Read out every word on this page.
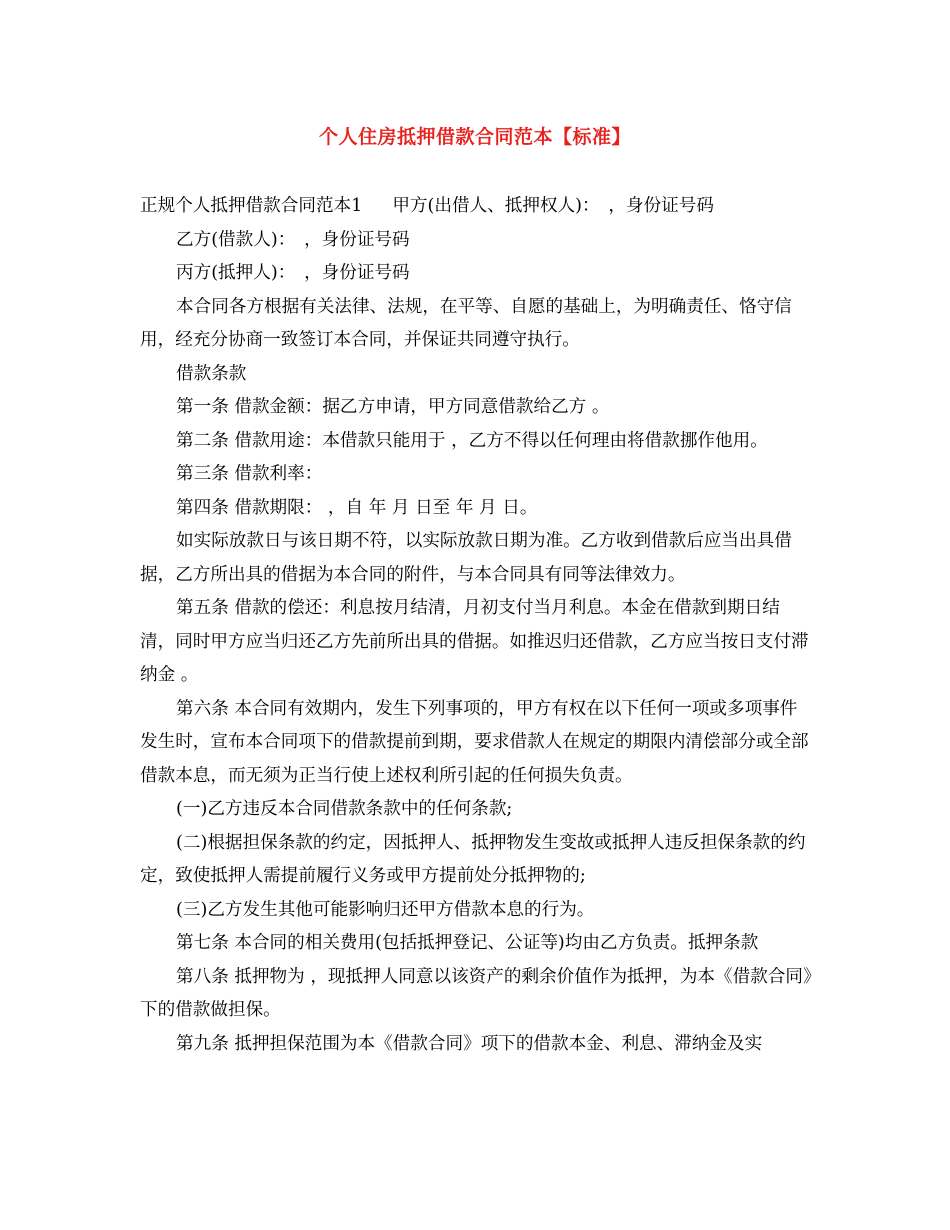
个人住房抵押借款合同范本【标准】

正规个人抵押借款合同范本1 甲方(出借人、抵押权人)：　，身份证号码

乙方(借款人)：　，身份证号码

丙方(抵押人)：　，身份证号码

本合同各方根据有关法律、法规，在平等、自愿的基础上，为明确责任、恪守信用，经充分协商一致签订本合同，并保证共同遵守执行。

借款条款

第一条 借款金额：据乙方申请，甲方同意借款给乙方 。

第二条 借款用途：本借款只能用于 ，乙方不得以任何理由将借款挪作他用。

第三条 借款利率：

第四条 借款期限： ，自 年 月 日至 年 月 日。

如实际放款日与该日期不符，以实际放款日期为准。乙方收到借款后应当出具借据，乙方所出具的借据为本合同的附件，与本合同具有同等法律效力。

第五条 借款的偿还：利息按月结清，月初支付当月利息。本金在借款到期日结清，同时甲方应当归还乙方先前所出具的借据。如推迟归还借款，乙方应当按日支付滞纳金 。

第六条 本合同有效期内，发生下列事项的，甲方有权在以下任何一项或多项事件发生时，宣布本合同项下的借款提前到期，要求借款人在规定的期限内清偿部分或全部借款本息，而无须为正当行使上述权利所引起的任何损失负责。

(一)乙方违反本合同借款条款中的任何条款;

(二)根据担保条款的约定，因抵押人、抵押物发生变故或抵押人违反担保条款的约定，致使抵押人需提前履行义务或甲方提前处分抵押物的;

(三)乙方发生其他可能影响归还甲方借款本息的行为。

第七条 本合同的相关费用(包括抵押登记、公证等)均由乙方负责。抵押条款

第八条 抵押物为 ，现抵押人同意以该资产的剩余价值作为抵押，为本《借款合同》下的借款做担保。

第九条 抵押担保范围为本《借款合同》项下的借款本金、利息、滞纳金及实
